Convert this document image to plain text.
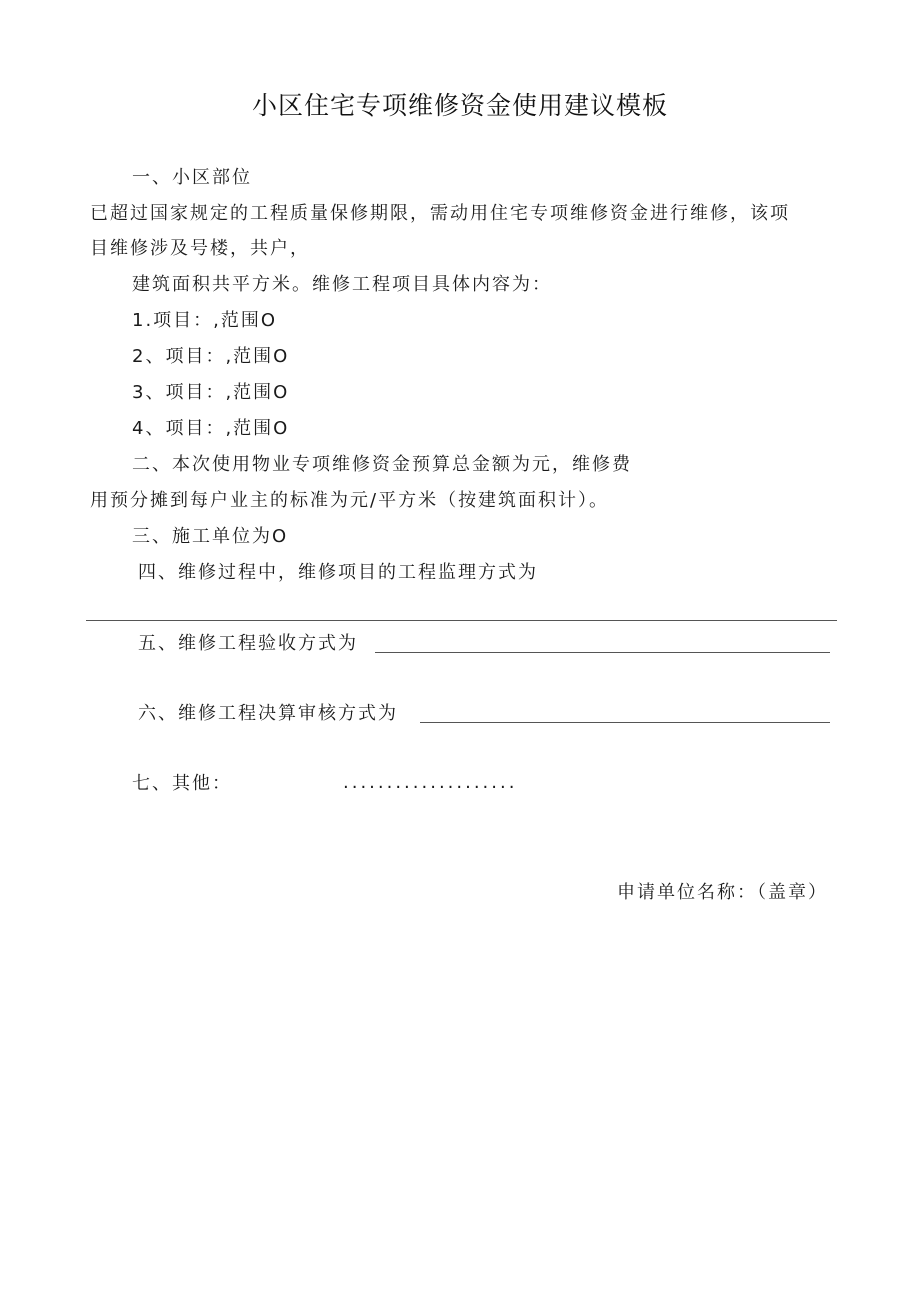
小区住宅专项维修资金使用建议模板
一、小区部位
已超过国家规定的工程质量保修期限，需动用住宅专项维修资金进行维修，该项
目维修涉及号楼，共户，
建筑面积共平方米。维修工程项目具体内容为：
1.项目：,范围O
2、项目：,范围O
3、项目：,范围O
4、项目：,范围O
二、本次使用物业专项维修资金预算总金额为元，维修费
用预分摊到每户业主的标准为元/平方米（按建筑面积计）。
三、施工单位为O
四、维修过程中，维修项目的工程监理方式为
五、维修工程验收方式为
六、维修工程决算审核方式为
七、其他：	....................
申请单位名称：（盖章）
